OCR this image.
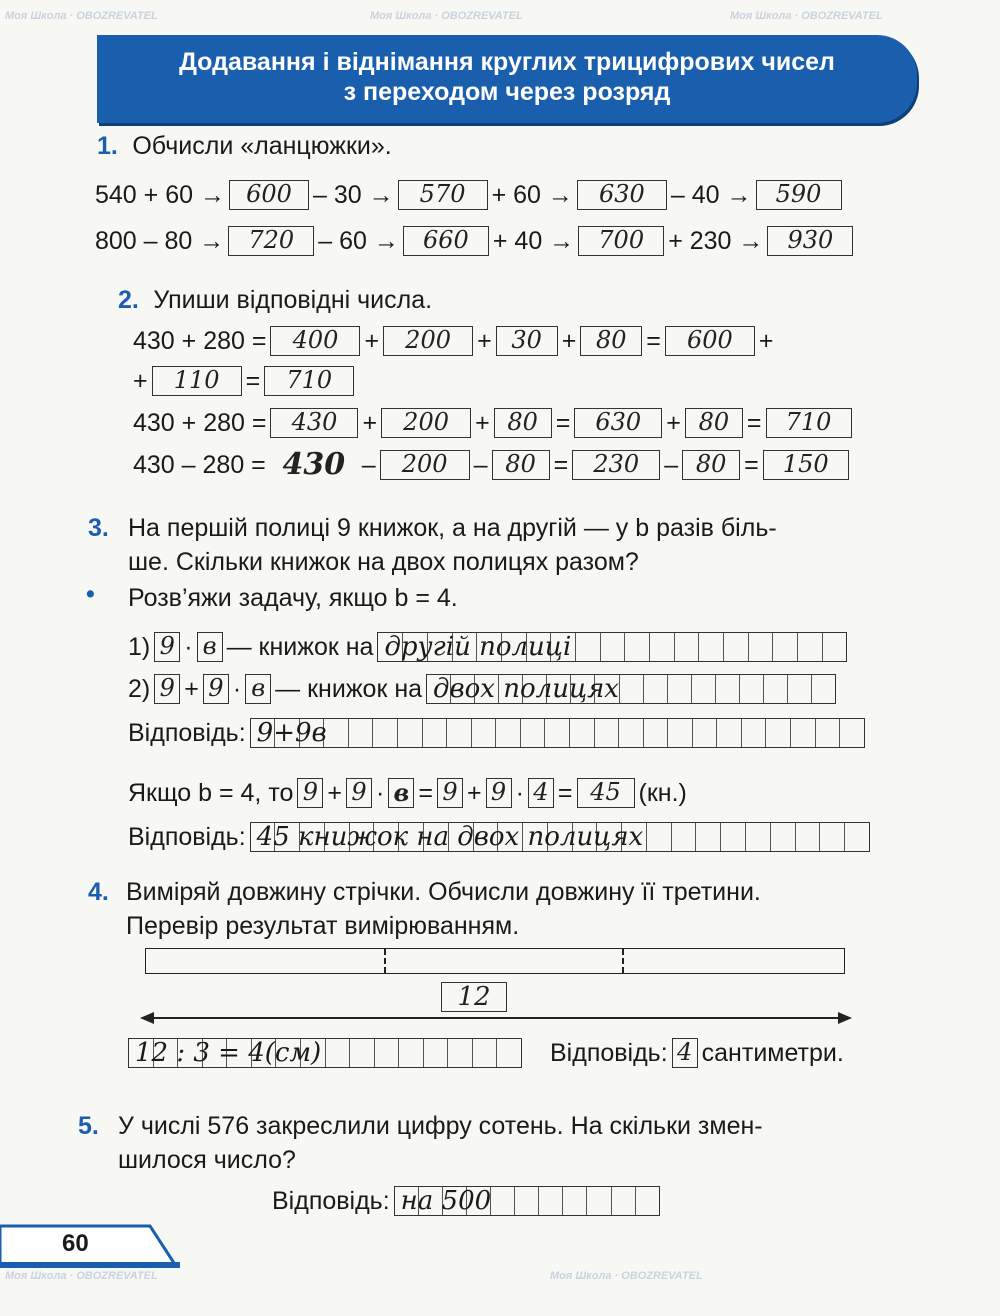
Моя Школа · OBOZREVATEL	Моя Школа · OBOZREVATEL	Моя Школа · OBOZREVATEL
Моя Школа · OBOZREVATEL	Моя Школа · OBOZREVATEL
Додавання і віднімання круглих трицифрових чисел
з переходом через розряд
1. Обчисли «ланцюжки».
540 + 60 → 600 – 30 →	570	+ 60 →	630	– 40 →	590
800 – 80 →	720 – 60 →	660 + 40 →	700 + 230 →	930
2. Упиши відповідні числа.
430 + 280 =	400	+	200	+ 30 + 80 =	600	+
+	110	=	710
430 + 280 =	430	+	200	+ 80 =	630	+ 80 =	710
430 – 280 = 430 –	200	– 80 =	230	– 80 =	150
3. На першій полиці 9 книжок, а на другій — у b разів біль-
ше. Скільки книжок на двох полицях разом?
• Розв’яжи задачу, якщо b = 4.
1) 9 · в — книжок на другій полиці
2) 9 + 9 · в — книжок на двох полицях
Відповідь: 9+9в
Якщо b = 4, то 9 + 9 · в = 9 + 9 · 4 = 45 (кн.)
Відповідь: 45 книжок на двох полицях
4. Виміряй довжину стрічки. Обчисли довжину її третини.
Перевір результат вимірюванням.
12
12 : 3 = 4(см)	Відповідь: 4 сантиметри.
5. У числі 576 закреслили цифру сотень. На скільки змен-
шилося число?
Відповідь: на 500
60
